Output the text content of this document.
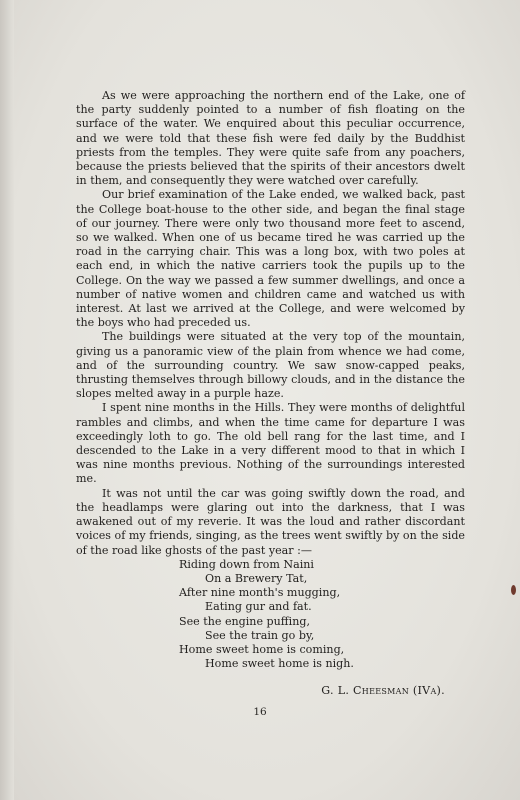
As we were approaching the northern end of the Lake, one of the party suddenly pointed to a number of fish floating on the surface of the water. We enquired about this peculiar occurrence, and we were told that these fish were fed daily by the Buddhist priests from the temples. They were quite safe from any poachers, because the priests believed that the spirits of their ancestors dwelt in them, and consequently they were watched over carefully.

Our brief examination of the Lake ended, we walked back, past the College boat-house to the other side, and began the final stage of our journey. There were only two thousand more feet to ascend, so we walked. When one of us became tired he was carried up the road in the carrying chair. This was a long box, with two poles at each end, in which the native carriers took the pupils up to the College. On the way we passed a few summer dwellings, and once a number of native women and children came and watched us with interest. At last we arrived at the College, and were welcomed by the boys who had preceded us.

The buildings were situated at the very top of the mountain, giving us a panoramic view of the plain from whence we had come, and of the surrounding country. We saw snow-capped peaks, thrusting themselves through billowy clouds, and in the distance the slopes melted away in a purple haze.

I spent nine months in the Hills. They were months of delightful rambles and climbs, and when the time came for departure I was exceedingly loth to go. The old bell rang for the last time, and I descended to the Lake in a very different mood to that in which I was nine months previous. Nothing of the surroundings interested me.

It was not until the car was going swiftly down the road, and the headlamps were glaring out into the darkness, that I was awakened out of my reverie. It was the loud and rather discordant voices of my friends, singing, as the trees went swiftly by on the side of the road like ghosts of the past year :—

Riding down from Naini
On a Brewery Tat,
After nine month's mugging,
Eating gur and fat.
See the engine puffing,
See the train go by,
Home sweet home is coming,
Home sweet home is nigh.
G. L. Cheesman (IVa).
16
